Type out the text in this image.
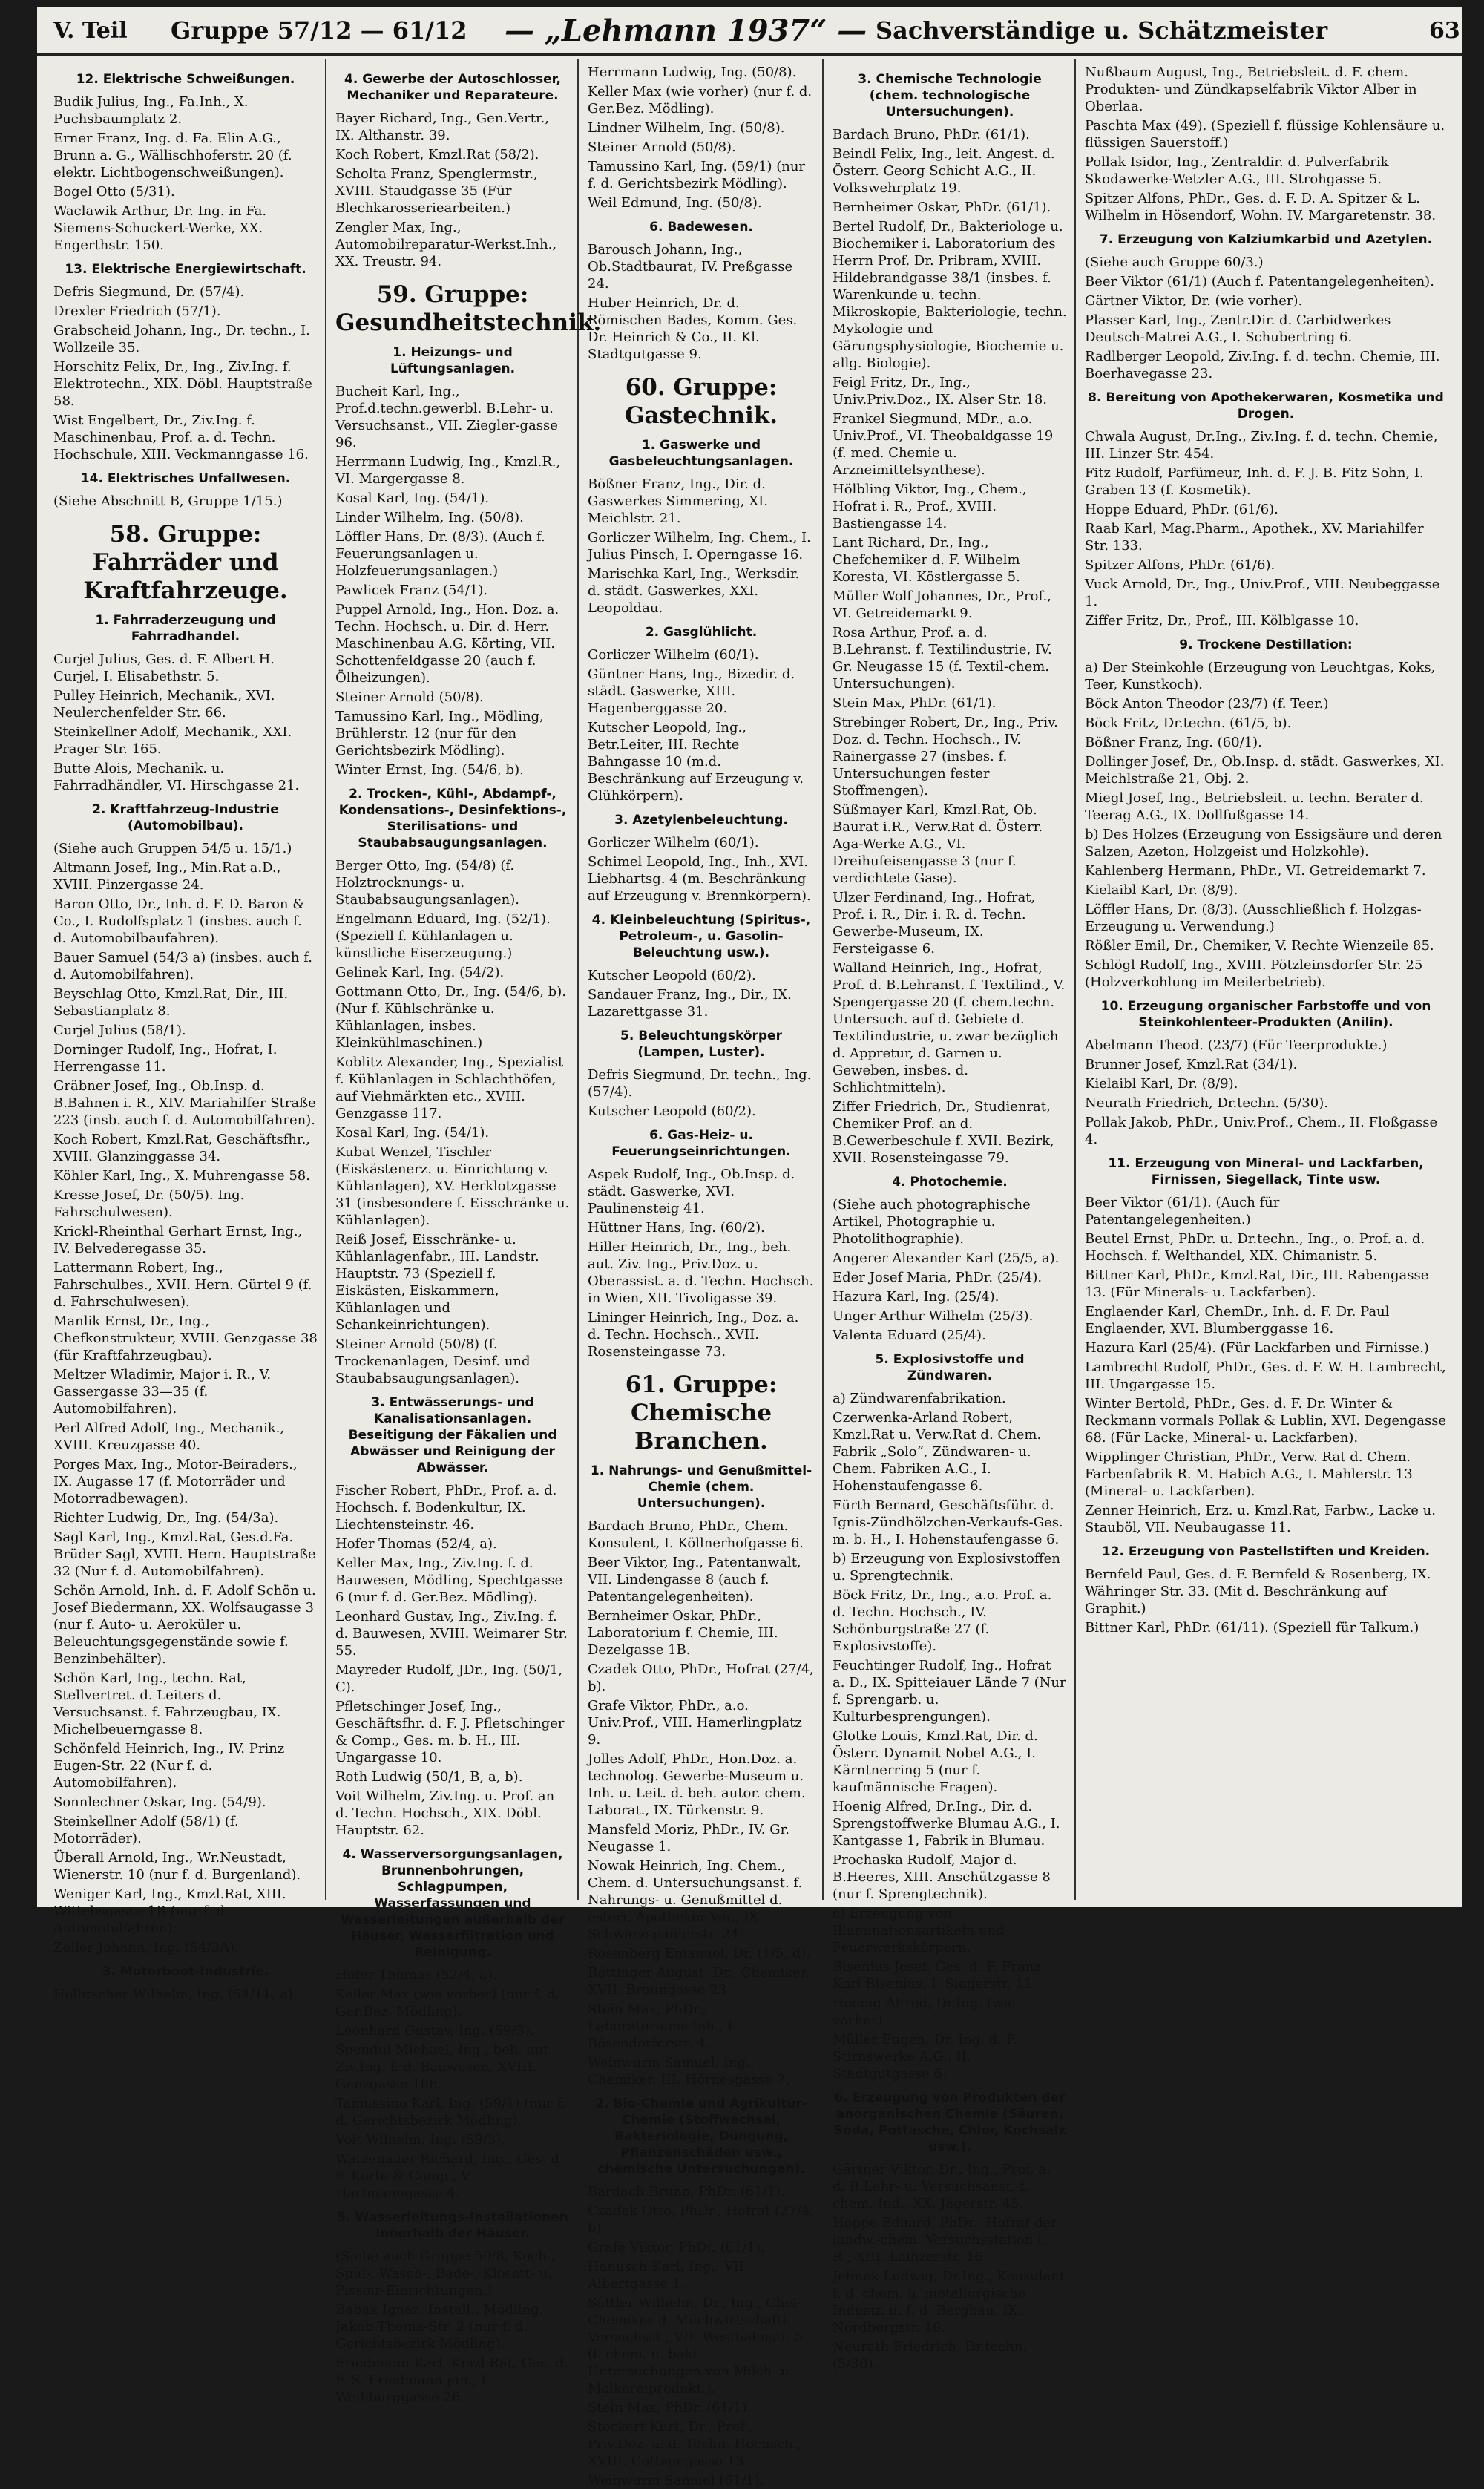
V. Teil Gruppe 57/12 — 61/12 — „Lehmann 1937“ — Sachverständige u. Schätzmeister	63
12. Elektrische Schweißungen.
Budik Julius, Ing., Fa.Inh., X. Puchsbaumplatz 2.
Erner Franz, Ing. d. Fa. Elin A.G., Brunn a. G., Wällischhoferstr. 20 (f. elektr. Lichtbogenschweißungen).
Bogel Otto (5/31).
Waclawik Arthur, Dr. Ing. in Fa. Siemens-Schuckert-Werke, XX. Engerthstr. 150.
13. Elektrische Energiewirtschaft.
Defris Siegmund, Dr. (57/4).
Drexler Friedrich (57/1).
Grabscheid Johann, Ing., Dr. techn., I. Wollzeile 35.
Horschitz Felix, Dr., Ing., Ziv.Ing. f. Elektrotechn., XIX. Döbl. Hauptstraße 58.
Wist Engelbert, Dr., Ziv.Ing. f. Maschinenbau, Prof. a. d. Techn. Hochschule, XIII. Veckmanngasse 16.
14. Elektrisches Unfallwesen.
(Siehe Abschnitt B, Gruppe 1/15.)
58. Gruppe: Fahrräder und Kraftfahrzeuge.
1. Fahrraderzeugung und Fahrradhandel.
Curjel Julius, Ges. d. F. Albert H. Curjel, I. Elisabethstr. 5.
Pulley Heinrich, Mechanik., XVI. Neulerchenfelder Str. 66.
Steinkellner Adolf, Mechanik., XXI. Prager Str. 165.
Butte Alois, Mechanik. u. Fahrradhändler, VI. Hirschgasse 21.
2. Kraftfahrzeug-Industrie (Automobilbau).
(Siehe auch Gruppen 54/5 u. 15/1.)
Altmann Josef, Ing., Min.Rat a.D., XVIII. Pinzergasse 24.
Baron Otto, Dr., Inh. d. F. D. Baron & Co., I. Rudolfsplatz 1 (insbes. auch f. d. Automobilbaufahren).
Bauer Samuel (54/3 a) (insbes. auch f. d. Automobilfahren).
Beyschlag Otto, Kmzl.Rat, Dir., III. Sebastianplatz 8.
Curjel Julius (58/1).
Dorninger Rudolf, Ing., Hofrat, I. Herrengasse 11.
Gräbner Josef, Ing., Ob.Insp. d. B.Bahnen i. R., XIV. Mariahilfer Straße 223 (insb. auch f. d. Automobilfahren).
Koch Robert, Kmzl.Rat, Geschäftsfhr., XVIII. Glanzinggasse 34.
Köhler Karl, Ing., X. Muhrengasse 58.
Kresse Josef, Dr. (50/5). Ing. Fahrschulwesen).
Krickl-Rheinthal Gerhart Ernst, Ing., IV. Belvederegasse 35.
Lattermann Robert, Ing., Fahrschulbes., XVII. Hern. Gürtel 9 (f. d. Fahrschulwesen).
Manlik Ernst, Dr., Ing., Chefkonstrukteur, XVIII. Genzgasse 38 (für Kraftfahrzeugbau).
Meltzer Wladimir, Major i. R., V. Gassergasse 33—35 (f. Automobilfahren).
Perl Alfred Adolf, Ing., Mechanik., XVIII. Kreuzgasse 40.
Porges Max, Ing., Motor-Beiraders., IX. Augasse 17 (f. Motorräder und Motorradbewagen).
Richter Ludwig, Dr., Ing. (54/3a).
Sagl Karl, Ing., Kmzl.Rat, Ges.d.Fa. Brüder Sagl, XVIII. Hern. Hauptstraße 32 (Nur f. d. Automobilfahren).
Schön Arnold, Inh. d. F. Adolf Schön u. Josef Biedermann, XX. Wolfsaugasse 3 (nur f. Auto- u. Aeroküler u. Beleuchtungsgegenstände sowie f. Benzinbehälter).
Schön Karl, Ing., techn. Rat, Stellvertret. d. Leiters d. Versuchsanst. f. Fahrzeugbau, IX. Michelbeuerngasse 8.
Schönfeld Heinrich, Ing., IV. Prinz Eugen-Str. 22 (Nur f. d. Automobilfahren).
Sonnlechner Oskar, Ing. (54/9).
Steinkellner Adolf (58/1) (f. Motorräder).
Überall Arnold, Ing., Wr.Neustadt, Wienerstr. 10 (nur f. d. Burgenland).
Weniger Karl, Ing., Kmzl.Rat, XIII. Wittebsgasse 1B (nur f. d. Automobilfahren).
Zoller Johann, Ing. (54/3A).
3. Motorboot-Industrie.
Hollitscher Wilhelm, Ing. (54/11, a).
4. Gewerbe der Autoschlosser, Mechaniker und Reparateure.
Bayer Richard, Ing., Gen.Vertr., IX. Althanstr. 39.
Koch Robert, Kmzl.Rat (58/2).
Scholta Franz, Spenglermstr., XVIII. Staudgasse 35 (Für Blechkarosseriearbeiten.)
Zengler Max, Ing., Automobilreparatur-Werkst.Inh., XX. Treustr. 94.
59. Gruppe: Gesundheitstechnik.
1. Heizungs- und Lüftungsanlagen.
Bucheit Karl, Ing., Prof.d.techn.gewerbl. B.Lehr- u. Versuchsanst., VII. Ziegler-gasse 96.
Herrmann Ludwig, Ing., Kmzl.R., VI. Margergasse 8.
Kosal Karl, Ing. (54/1).
Linder Wilhelm, Ing. (50/8).
Löffler Hans, Dr. (8/3). (Auch f. Feuerungsanlagen u. Holzfeuerungsanlagen.)
Pawlicek Franz (54/1).
Puppel Arnold, Ing., Hon. Doz. a. Techn. Hochsch. u. Dir. d. Herr. Maschinenbau A.G. Körting, VII. Schottenfeldgasse 20 (auch f. Ölheizungen).
Steiner Arnold (50/8).
Tamussino Karl, Ing., Mödling, Brühlerstr. 12 (nur für den Gerichtsbezirk Mödling).
Winter Ernst, Ing. (54/6, b).
2. Trocken-, Kühl-, Abdampf-, Kondensations-, Desinfektions-, Sterilisations- und Staubabsaugungsanlagen.
Berger Otto, Ing. (54/8) (f. Holztrocknungs- u. Staubabsaugungsanlagen).
Engelmann Eduard, Ing. (52/1). (Speziell f. Kühlanlagen u. künstliche Eiserzeugung.)
Gelinek Karl, Ing. (54/2).
Gottmann Otto, Dr., Ing. (54/6, b). (Nur f. Kühlschränke u. Kühlanlagen, insbes. Kleinkühlmaschinen.)
Koblitz Alexander, Ing., Spezialist f. Kühlanlagen in Schlachthöfen, auf Viehmärkten etc., XVIII. Genzgasse 117.
Kosal Karl, Ing. (54/1).
Kubat Wenzel, Tischler (Eiskästenerz. u. Einrichtung v. Kühlanlagen), XV. Herklotzgasse 31 (insbesondere f. Eisschränke u. Kühlanlagen).
Reiß Josef, Eisschränke- u. Kühlanlagenfabr., III. Landstr. Hauptstr. 73 (Speziell f. Eiskästen, Eiskammern, Kühlanlagen und Schankeinrichtungen).
Steiner Arnold (50/8) (f. Trockenanlagen, Desinf. und Staubabsaugungsanlagen).
3. Entwässerungs- und Kanalisationsanlagen. Beseitigung der Fäkalien und Abwässer und Reinigung der Abwässer.
Fischer Robert, PhDr., Prof. a. d. Hochsch. f. Bodenkultur, IX. Liechtensteinstr. 46.
Hofer Thomas (52/4, a).
Keller Max, Ing., Ziv.Ing. f. d. Bauwesen, Mödling, Spechtgasse 6 (nur f. d. Ger.Bez. Mödling).
Leonhard Gustav, Ing., Ziv.Ing. f. d. Bauwesen, XVIII. Weimarer Str. 55.
Mayreder Rudolf, JDr., Ing. (50/1, C).
Pfletschinger Josef, Ing., Geschäftsfhr. d. F. J. Pfletschinger & Comp., Ges. m. b. H., III. Ungargasse 10.
Roth Ludwig (50/1, B, a, b).
Voit Wilhelm, Ziv.Ing. u. Prof. an d. Techn. Hochsch., XIX. Döbl. Hauptstr. 62.
4. Wasserversorgungsanlagen, Brunnenbohrungen, Schlagpumpen, Wasserfassungen und Wasserleitungen außerhalb der Häuser, Wasserfiltration und Reinigung.
Hofer Thomas (52/4, a).
Keller Max (wie vorher) (nur f. d. Ger.Bez. Mödling).
Leonhard Gustav, Ing. (59/3).
Spendul Michael, Ing., beh. aut. Ziv.Ing. f. d. Bauwesen, XVIII. Genzgasse 166.
Tamussino Karl, Ing. (59/1) (nur f. d. Gerichtsbezirk Mödling).
Voit Wilhelm, Ing. (59/3).
Watzenauer Richard, Ing., Ges. d. F. Korte & Comp., V. Hartmanngasse 4.
5. Wasserleitungs-Installationen innerhalb der Häuser.
(Siehe auch Gruppe 50/8, Koch-, Spül-, Wasch-, Bade-, Klosett- u. Pissoir-Einrichtungen.)
Babak Ignaz, Install., Mödling, Jakob Thoma-Str. 2 (nur f. d. Gerichtsbezirk Mödling).
Friedmann Karl, Kmzl.Rat, Ges. d. F. S. Friedmann jun., I. Weihburggasse 26.
Herrmann Ludwig, Ing. (50/8).
Keller Max (wie vorher) (nur f. d. Ger.Bez. Mödling).
Lindner Wilhelm, Ing. (50/8).
Steiner Arnold (50/8).
Tamussino Karl, Ing. (59/1) (nur f. d. Gerichtsbezirk Mödling).
Weil Edmund, Ing. (50/8).
6. Badewesen.
Barousch Johann, Ing., Ob.Stadtbaurat, IV. Preßgasse 24.
Huber Heinrich, Dr. d. Römischen Bades, Komm. Ges. Dr. Heinrich & Co., II. Kl. Stadtgutgasse 9.
60. Gruppe: Gastechnik.
1. Gaswerke und Gasbeleuchtungsanlagen.
Bößner Franz, Ing., Dir. d. Gaswerkes Simmering, XI. Meichlstr. 21.
Gorliczer Wilhelm, Ing. Chem., I. Julius Pinsch, I. Operngasse 16.
Marischka Karl, Ing., Werksdir. d. städt. Gaswerkes, XXI. Leopoldau.
2. Gasglühlicht.
Gorliczer Wilhelm (60/1).
Güntner Hans, Ing., Bizedir. d. städt. Gaswerke, XIII. Hagenberggasse 20.
Kutscher Leopold, Ing., Betr.Leiter, III. Rechte Bahngasse 10 (m.d. Beschränkung auf Erzeugung v. Glühkörpern).
3. Azetylenbeleuchtung.
Gorliczer Wilhelm (60/1).
Schimel Leopold, Ing., Inh., XVI. Liebhartsg. 4 (m. Beschränkung auf Erzeugung v. Brennkörpern).
4. Kleinbeleuchtung (Spiritus-, Petroleum-, u. Gasolin-Beleuchtung usw.).
Kutscher Leopold (60/2).
Sandauer Franz, Ing., Dir., IX. Lazarettgasse 31.
5. Beleuchtungskörper (Lampen, Luster).
Defris Siegmund, Dr. techn., Ing. (57/4).
Kutscher Leopold (60/2).
6. Gas-Heiz- u. Feuerungseinrichtungen.
Aspek Rudolf, Ing., Ob.Insp. d. städt. Gaswerke, XVI. Paulinensteig 41.
Hüttner Hans, Ing. (60/2).
Hiller Heinrich, Dr., Ing., beh. aut. Ziv. Ing., Priv.Doz. u. Oberassist. a. d. Techn. Hochsch. in Wien, XII. Tivoligasse 39.
Lininger Heinrich, Ing., Doz. a. d. Techn. Hochsch., XVII. Rosensteingasse 73.
61. Gruppe: Chemische Branchen.
1. Nahrungs- und Genußmittel-Chemie (chem. Untersuchungen).
Bardach Bruno, PhDr., Chem. Konsulent, I. Köllnerhofgasse 6.
Beer Viktor, Ing., Patentanwalt, VII. Lindengasse 8 (auch f. Patentangelegenheiten).
Bernheimer Oskar, PhDr., Laboratorium f. Chemie, III. Dezelgasse 1B.
Czadek Otto, PhDr., Hofrat (27/4, b).
Grafe Viktor, PhDr., a.o. Univ.Prof., VIII. Hamerlingplatz 9.
Jolles Adolf, PhDr., Hon.Doz. a. technolog. Gewerbe-Museum u. Inh. u. Leit. d. beh. autor. chem. Laborat., IX. Türkenstr. 9.
Mansfeld Moriz, PhDr., IV. Gr. Neugasse 1.
Nowak Heinrich, Ing. Chem., Chem. d. Untersuchungsanst. f. Nahrungs- u. Genußmittel d. österr. Apotheker-Ver., IX. Schwarzspanierstr. 24.
Rosenberg Emanuel, Dr. (1/5, d).
Röttinger August, Dr., Chemiker, XVII. Braungasse 23.
Stein Max, PhDr., Laboratoriums-Inh., I. Bösendorferstr. 4.
Weinwurm Samuel, Ing., Chemiker, III. Hörnesgasse 7.
2. Bio-Chemie und Agrikultur-Chemie (Stoffwechsel, Bakteriologie, Düngung, Pflanzenschäden usw., chemische Untersuchungen).
Bardach Bruno, PhDr. (61/1).
Czadek Otto, PhDr., Hofrat (27/4, b).
Grafe Viktor, PhDr. (61/1).
Hanusch Karl, Ing., VII. Albertgasse 1.
Sattler Wilhelm, Dr., Ing., Chef-Chemiker d. Milchwirtschaftl. Versuchsst., VII. Westbahnstr. 5 (f. chem. u. bakt. Untersuchungen von Milch- u. Molkereiprodukt.).
Stein Max, PhDr. (61/1).
Stockert Kurt, Dr., Prof., Priv.Doz. a. d. Techn. Hochsch., XVIII. Cottagegasse 13.
Weinwurm Samuel (61/1).
3. Chemische Technologie (chem. technologische Untersuchungen).
Bardach Bruno, PhDr. (61/1).
Beindl Felix, Ing., leit. Angest. d. Österr. Georg Schicht A.G., II. Volkswehrplatz 19.
Bernheimer Oskar, PhDr. (61/1).
Bertel Rudolf, Dr., Bakteriologe u. Biochemiker i. Laboratorium des Herrn Prof. Dr. Pribram, XVIII. Hildebrandgasse 38/1 (insbes. f. Warenkunde u. techn. Mikroskopie, Bakteriologie, techn. Mykologie und Gärungsphysiologie, Biochemie u. allg. Biologie).
Feigl Fritz, Dr., Ing., Univ.Priv.Doz., IX. Alser Str. 18.
Frankel Siegmund, MDr., a.o. Univ.Prof., VI. Theobaldgasse 19 (f. med. Chemie u. Arzneimittelsynthese).
Hölbling Viktor, Ing., Chem., Hofrat i. R., Prof., XVIII. Bastiengasse 14.
Lant Richard, Dr., Ing., Chefchemiker d. F. Wilhelm Koresta, VI. Köstlergasse 5.
Müller Wolf Johannes, Dr., Prof., VI. Getreidemarkt 9.
Rosa Arthur, Prof. a. d. B.Lehranst. f. Textilindustrie, IV. Gr. Neugasse 15 (f. Textil-chem. Untersuchungen).
Stein Max, PhDr. (61/1).
Strebinger Robert, Dr., Ing., Priv. Doz. d. Techn. Hochsch., IV. Rainergasse 27 (insbes. f. Untersuchungen fester Stoffmengen).
Süßmayer Karl, Kmzl.Rat, Ob. Baurat i.R., Verw.Rat d. Österr. Aga-Werke A.G., VI. Dreihufeisengasse 3 (nur f. verdichtete Gase).
Ulzer Ferdinand, Ing., Hofrat, Prof. i. R., Dir. i. R. d. Techn. Gewerbe-Museum, IX. Fersteigasse 6.
Walland Heinrich, Ing., Hofrat, Prof. d. B.Lehranst. f. Textilind., V. Spengergasse 20 (f. chem.techn. Untersuch. auf d. Gebiete d. Textilindustrie, u. zwar bezüglich d. Appretur, d. Garnen u. Geweben, insbes. d. Schlichtmitteln).
Ziffer Friedrich, Dr., Studienrat, Chemiker Prof. an d. B.Gewerbeschule f. XVII. Bezirk, XVII. Rosensteingasse 79.
4. Photochemie.
(Siehe auch photographische Artikel, Photographie u. Photolithographie).
Angerer Alexander Karl (25/5, a).
Eder Josef Maria, PhDr. (25/4).
Hazura Karl, Ing. (25/4).
Unger Arthur Wilhelm (25/3).
Valenta Eduard (25/4).
5. Explosivstoffe und Zündwaren.
a) Zündwarenfabrikation.
Czerwenka-Arland Robert, Kmzl.Rat u. Verw.Rat d. Chem. Fabrik „Solo“, Zündwaren- u. Chem. Fabriken A.G., I. Hohenstaufengasse 6.
Fürth Bernard, Geschäftsführ. d. Ignis-Zündhölzchen-Verkaufs-Ges. m. b. H., I. Hohenstaufengasse 6.
b) Erzeugung von Explosivstoffen u. Sprengtechnik.
Böck Fritz, Dr., Ing., a.o. Prof. a. d. Techn. Hochsch., IV. Schönburgstraße 27 (f. Explosivstoffe).
Feuchtinger Rudolf, Ing., Hofrat a. D., IX. Spitteiauer Lände 7 (Nur f. Sprengarb. u. Kulturbesprengungen).
Glotke Louis, Kmzl.Rat, Dir. d. Österr. Dynamit Nobel A.G., I. Kärntnerring 5 (nur f. kaufmännische Fragen).
Hoenig Alfred, Dr.Ing., Dir. d. Sprengstoffwerke Blumau A.G., I. Kantgasse 1, Fabrik in Blumau.
Prochaska Rudolf, Major d. B.Heeres, XIII. Anschützgasse 8 (nur f. Sprengtechnik).
c) Erzeugung von Illuminationsartikeln und Feuerwerkskörpern.
Bisenius Josef, Ges. d. F. Franz Karl Bisenius, I. Singerstr. 11.
Hoenig Alfred, Dr.Ing. (wie vorher).
Müller Eugen, Dr. Ing. d. F. Stirnswerke A.G., II. Stadtgutgasse 6.
6. Erzeugung von Produkten der anorganischen Chemie (Säuren, Soda, Pottasche, Chlor, Kochsalz usw.).
Gärtner Viktor, Dr., Ing., Prof. a. d. B.Lehr- u. Versuchsanst. f. chem. Ind., XX. Jägerstr. 45.
Hoppe Eduard, PhDr., Hofrat der landw.-chem. Versuchsstation i. R., XIII. Lainzerstr. 16.
Jelinek Ludwig, Dr.Ing., Konsulent f. d. chem. u. metallurgische Industr. u. f. d. Bergbau, IX. Nordbergstr. 10.
Neurath Friedrich, Dr.techn. (5/30).
Nußbaum August, Ing., Betriebsleit. d. F. chem. Produkten- und Zündkapselfabrik Viktor Alber in Oberlaa.
Paschta Max (49). (Speziell f. flüssige Kohlensäure u. flüssigen Sauerstoff.)
Pollak Isidor, Ing., Zentraldir. d. Pulverfabrik Skodawerke-Wetzler A.G., III. Strohgasse 5.
Spitzer Alfons, PhDr., Ges. d. F. D. A. Spitzer & L. Wilhelm in Hösendorf, Wohn. IV. Margaretenstr. 38.
7. Erzeugung von Kalziumkarbid und Azetylen.
(Siehe auch Gruppe 60/3.)
Beer Viktor (61/1) (Auch f. Patentangelegenheiten).
Gärtner Viktor, Dr. (wie vorher).
Plasser Karl, Ing., Zentr.Dir. d. Carbidwerkes Deutsch-Matrei A.G., I. Schubertring 6.
Radlberger Leopold, Ziv.Ing. f. d. techn. Chemie, III. Boerhavegasse 23.
8. Bereitung von Apothekerwaren, Kosmetika und Drogen.
Chwala August, Dr.Ing., Ziv.Ing. f. d. techn. Chemie, III. Linzer Str. 454.
Fitz Rudolf, Parfümeur, Inh. d. F. J. B. Fitz Sohn, I. Graben 13 (f. Kosmetik).
Hoppe Eduard, PhDr. (61/6).
Raab Karl, Mag.Pharm., Apothek., XV. Mariahilfer Str. 133.
Spitzer Alfons, PhDr. (61/6).
Vuck Arnold, Dr., Ing., Univ.Prof., VIII. Neubeggasse 1.
Ziffer Fritz, Dr., Prof., III. Kölblgasse 10.
9. Trockene Destillation:
a) Der Steinkohle (Erzeugung von Leuchtgas, Koks, Teer, Kunstkoch).
Böck Anton Theodor (23/7) (f. Teer.)
Böck Fritz, Dr.techn. (61/5, b).
Bößner Franz, Ing. (60/1).
Dollinger Josef, Dr., Ob.Insp. d. städt. Gaswerkes, XI. Meichlstraße 21, Obj. 2.
Miegl Josef, Ing., Betriebsleit. u. techn. Berater d. Teerag A.G., IX. Dollfußgasse 14.
b) Des Holzes (Erzeugung von Essigsäure und deren Salzen, Azeton, Holzgeist und Holzkohle).
Kahlenberg Hermann, PhDr., VI. Getreidemarkt 7.
Kielaibl Karl, Dr. (8/9).
Löffler Hans, Dr. (8/3). (Ausschließlich f. Holzgas-Erzeugung u. Verwendung.)
Rößler Emil, Dr., Chemiker, V. Rechte Wienzeile 85.
Schlögl Rudolf, Ing., XVIII. Pötzleinsdorfer Str. 25 (Holzverkohlung im Meilerbetrieb).
10. Erzeugung organischer Farbstoffe und von Steinkohlenteer-Produkten (Anilin).
Abelmann Theod. (23/7) (Für Teerprodukte.)
Brunner Josef, Kmzl.Rat (34/1).
Kielaibl Karl, Dr. (8/9).
Neurath Friedrich, Dr.techn. (5/30).
Pollak Jakob, PhDr., Univ.Prof., Chem., II. Floßgasse 4.
11. Erzeugung von Mineral- und Lackfarben, Firnissen, Siegellack, Tinte usw.
Beer Viktor (61/1). (Auch für Patentangelegenheiten.)
Beutel Ernst, PhDr. u. Dr.techn., Ing., o. Prof. a. d. Hochsch. f. Welthandel, XIX. Chimanistr. 5.
Bittner Karl, PhDr., Kmzl.Rat, Dir., III. Rabengasse 13. (Für Minerals- u. Lackfarben).
Englaender Karl, ChemDr., Inh. d. F. Dr. Paul Englaender, XVI. Blumberggasse 16.
Hazura Karl (25/4). (Für Lackfarben und Firnisse.)
Lambrecht Rudolf, PhDr., Ges. d. F. W. H. Lambrecht, III. Ungargasse 15.
Winter Bertold, PhDr., Ges. d. F. Dr. Winter & Reckmann vormals Pollak & Lublin, XVI. Degengasse 68. (Für Lacke, Mineral- u. Lackfarben).
Wipplinger Christian, PhDr., Verw. Rat d. Chem. Farbenfabrik R. M. Habich A.G., I. Mahlerstr. 13 (Mineral- u. Lackfarben).
Zenner Heinrich, Erz. u. Kmzl.Rat, Farbw., Lacke u. Stauböl, VII. Neubaugasse 11.
12. Erzeugung von Pastellstiften und Kreiden.
Bernfeld Paul, Ges. d. F. Bernfeld & Rosenberg, IX. Währinger Str. 33. (Mit d. Beschränkung auf Graphit.)
Bittner Karl, PhDr. (61/11). (Speziell für Talkum.)
